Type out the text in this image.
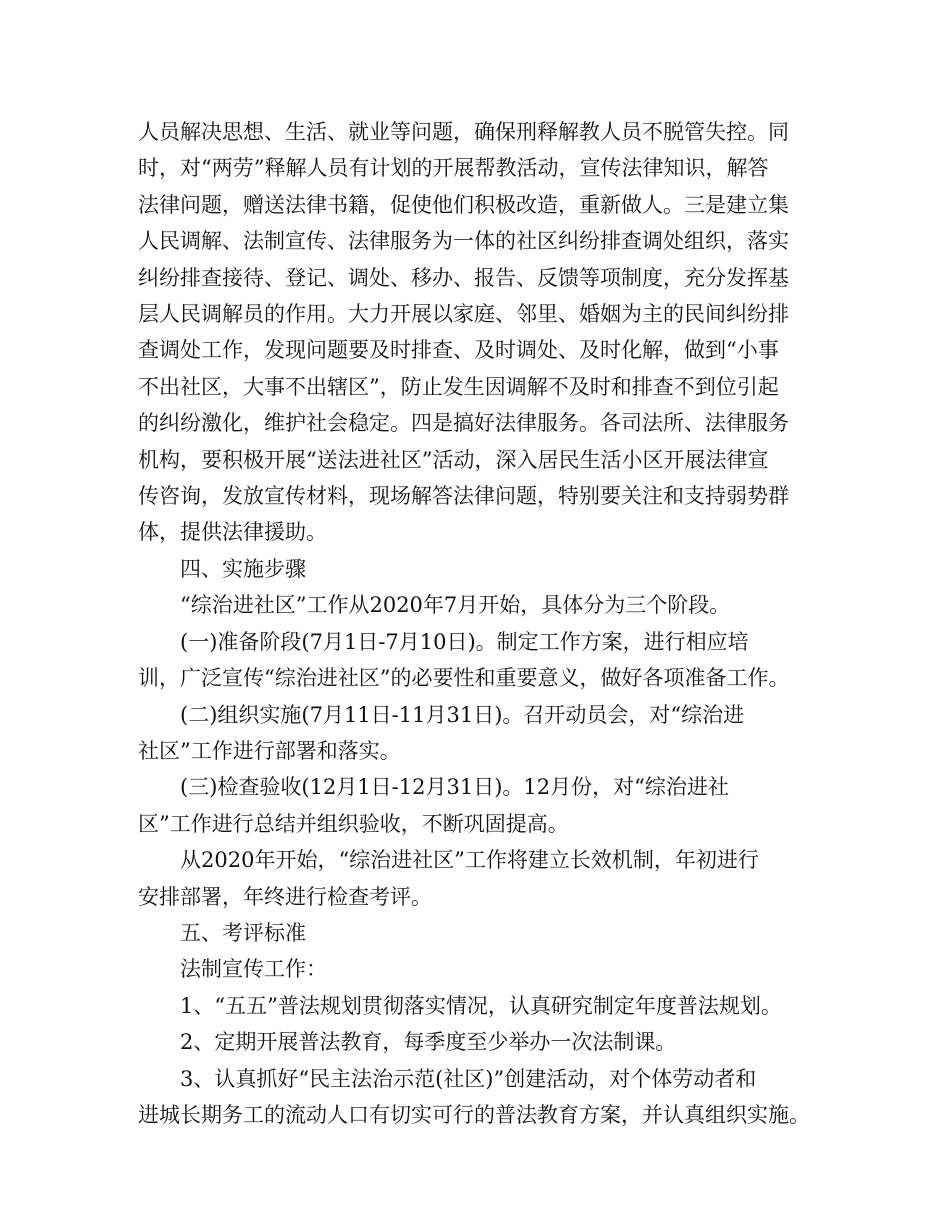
人员解决思想、生活、就业等问题，确保刑释解教人员不脱管失控。同
时，对“两劳”释解人员有计划的开展帮教活动，宣传法律知识，解答
法律问题，赠送法律书籍，促使他们积极改造，重新做人。三是建立集
人民调解、法制宣传、法律服务为一体的社区纠纷排查调处组织，落实
纠纷排查接待、登记、调处、移办、报告、反馈等项制度，充分发挥基
层人民调解员的作用。大力开展以家庭、邻里、婚姻为主的民间纠纷排
查调处工作，发现问题要及时排查、及时调处、及时化解，做到“小事
不出社区，大事不出辖区”，防止发生因调解不及时和排查不到位引起
的纠纷激化，维护社会稳定。四是搞好法律服务。各司法所、法律服务
机构，要积极开展“送法进社区”活动，深入居民生活小区开展法律宣
传咨询，发放宣传材料，现场解答法律问题，特别要关注和支持弱势群
体，提供法律援助。

四、实施步骤

“综治进社区”工作从2020年7月开始，具体分为三个阶段。

(一)准备阶段(7月1日-7月10日)。制定工作方案，进行相应培
训，广泛宣传“综治进社区”的必要性和重要意义，做好各项准备工作。

(二)组织实施(7月11日-11月31日)。召开动员会，对“综治进
社区”工作进行部署和落实。

(三)检查验收(12月1日-12月31日)。12月份，对“综治进社
区”工作进行总结并组织验收，不断巩固提高。

从2020年开始，“综治进社区”工作将建立长效机制，年初进行
安排部署，年终进行检查考评。

五、考评标准

法制宣传工作：

1、“五五”普法规划贯彻落实情况，认真研究制定年度普法规划。

2、定期开展普法教育，每季度至少举办一次法制课。

3、认真抓好“民主法治示范(社区)”创建活动，对个体劳动者和
进城长期务工的流动人口有切实可行的普法教育方案，并认真组织实施。
